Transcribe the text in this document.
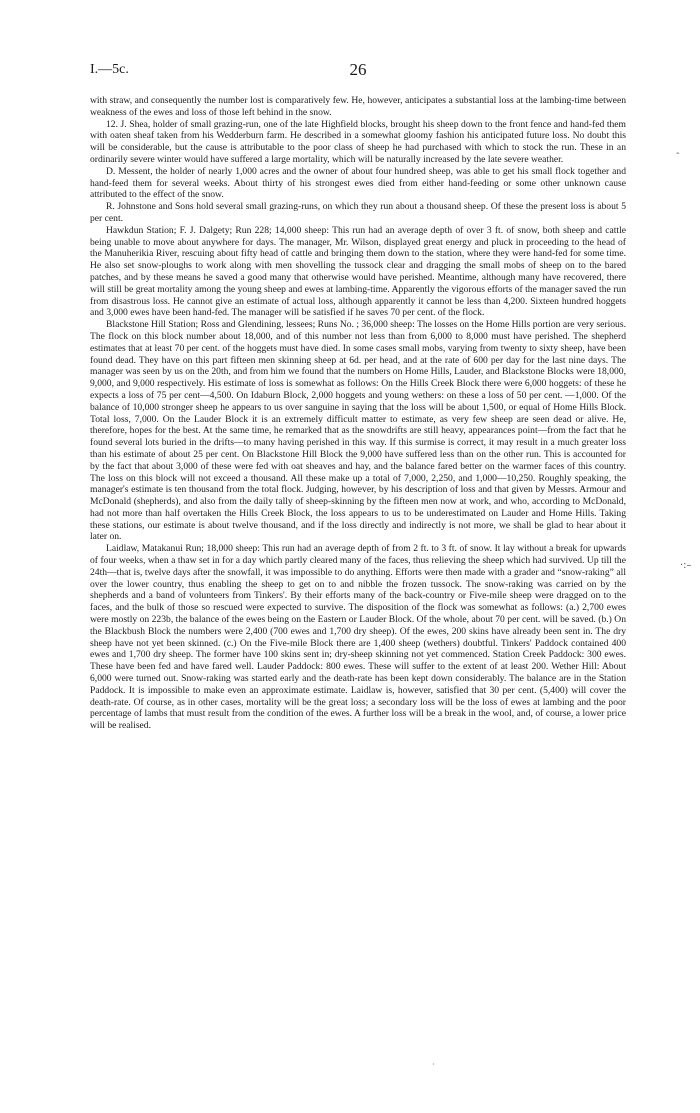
I.—5c.	26

with straw, and consequently the number lost is comparatively few. He, however, anticipates a substantial loss at the lambing-time between weakness of the ewes and loss of those left behind in the snow.

12. J. Shea, holder of small grazing-run, one of the late Highfield blocks, brought his sheep down to the front fence and hand-fed them with oaten sheaf taken from his Wedderburn farm. He described in a somewhat gloomy fashion his anticipated future loss. No doubt this will be considerable, but the cause is attributable to the poor class of sheep he had purchased with which to stock the run. These in an ordinarily severe winter would have suffered a large mortality, which will be naturally increased by the late severe weather.

D. Messent, the holder of nearly 1,000 acres and the owner of about four hundred sheep, was able to get his small flock together and hand-feed them for several weeks. About thirty of his strongest ewes died from either hand-feeding or some other unknown cause attributed to the effect of the snow.

R. Johnstone and Sons hold several small grazing-runs, on which they run about a thousand sheep. Of these the present loss is about 5 per cent.

Hawkdun Station; F. J. Dalgety; Run 228; 14,000 sheep: This run had an average depth of over 3 ft. of snow, both sheep and cattle being unable to move about anywhere for days. The manager, Mr. Wilson, displayed great energy and pluck in proceeding to the head of the Manuherikia River, rescuing about fifty head of cattle and bringing them down to the station, where they were hand-fed for some time. He also set snow-ploughs to work along with men shovelling the tussock clear and dragging the small mobs of sheep on to the bared patches, and by these means he saved a good many that otherwise would have perished. Meantime, although many have recovered, there will still be great mortality among the young sheep and ewes at lambing-time. Apparently the vigorous efforts of the manager saved the run from disastrous loss. He cannot give an estimate of actual loss, although apparently it cannot be less than 4,200. Sixteen hundred hoggets and 3,000 ewes have been hand-fed. The manager will be satisfied if he saves 70 per cent. of the flock.

Blackstone Hill Station; Ross and Glendining, lessees; Runs No. ; 36,000 sheep: The losses on the Home Hills portion are very serious. The flock on this block number about 18,000, and of this number not less than from 6,000 to 8,000 must have perished. The shepherd estimates that at least 70 per cent. of the hoggets must have died. In some cases small mobs, varying from twenty to sixty sheep, have been found dead. They have on this part fifteen men skinning sheep at 6d. per head, and at the rate of 600 per day for the last nine days. The manager was seen by us on the 20th, and from him we found that the numbers on Home Hills, Lauder, and Blackstone Blocks were 18,000, 9,000, and 9,000 respectively. His estimate of loss is somewhat as follows: On the Hills Creek Block there were 6,000 hoggets: of these he expects a loss of 75 per cent—4,500. On Idaburn Block, 2,000 hoggets and young wethers: on these a loss of 50 per cent. —1,000. Of the balance of 10,000 stronger sheep he appears to us over sanguine in saying that the loss will be about 1,500, or equal of Home Hills Block. Total loss, 7,000. On the Lauder Block it is an extremely difficult matter to estimate, as very few sheep are seen dead or alive. He, therefore, hopes for the best. At the same time, he remarked that as the snowdrifts are still heavy, appearances point—from the fact that he found several lots buried in the drifts—to many having perished in this way. If this surmise is correct, it may result in a much greater loss than his estimate of about 25 per cent. On Blackstone Hill Block the 9,000 have suffered less than on the other run. This is accounted for by the fact that about 3,000 of these were fed with oat sheaves and hay, and the balance fared better on the warmer faces of this country. The loss on this block will not exceed a thousand. All these make up a total of 7,000, 2,250, and 1,000—10,250. Roughly speaking, the manager's estimate is ten thousand from the total flock. Judging, however, by his description of loss and that given by Messrs. Armour and McDonald (shepherds), and also from the daily tally of sheep-skinning by the fifteen men now at work, and who, according to McDonald, had not more than half overtaken the Hills Creek Block, the loss appears to us to be underestimated on Lauder and Home Hills. Taking these stations, our estimate is about twelve thousand, and if the loss directly and indirectly is not more, we shall be glad to hear about it later on.

Laidlaw, Matakanui Run; 18,000 sheep: This run had an average depth of from 2 ft. to 3 ft. of snow. It lay without a break for upwards of four weeks, when a thaw set in for a day which partly cleared many of the faces, thus relieving the sheep which had survived. Up till the 24th—that is, twelve days after the snowfall, it was impossible to do anything. Efforts were then made with a grader and “snow-raking” all over the lower country, thus enabling the sheep to get on to and nibble the frozen tussock. The snow-raking was carried on by the shepherds and a band of volunteers from Tinkers'. By their efforts many of the back-country or Five-mile sheep were dragged on to the faces, and the bulk of those so rescued were expected to survive. The disposition of the flock was somewhat as follows: (a.) 2,700 ewes were mostly on 223b, the balance of the ewes being on the Eastern or Lauder Block. Of the whole, about 70 per cent. will be saved. (b.) On the Blackbush Block the numbers were 2,400 (700 ewes and 1,700 dry sheep). Of the ewes, 200 skins have already been sent in. The dry sheep have not yet been skinned. (c.) On the Five-mile Block there are 1,400 sheep (wethers) doubtful. Tinkers' Paddock contained 400 ewes and 1,700 dry sheep. The former have 100 skins sent in; dry-sheep skinning not yet commenced. Station Creek Paddock: 300 ewes. These have been fed and have fared well. Lauder Paddock: 800 ewes. These will suffer to the extent of at least 200. Wether Hill: About 6,000 were turned out. Snow-raking was started early and the death-rate has been kept down considerably. The balance are in the Station Paddock. It is impossible to make even an approximate estimate. Laidlaw is, however, satisfied that 30 per cent. (5,400) will cover the death-rate. Of course, as in other cases, mortality will be the great loss; a secondary loss will be the loss of ewes at lambing and the poor percentage of lambs that must result from the condition of the ewes. A further loss will be a break in the wool, and, of course, a lower price will be realised.

-
·:–
·
